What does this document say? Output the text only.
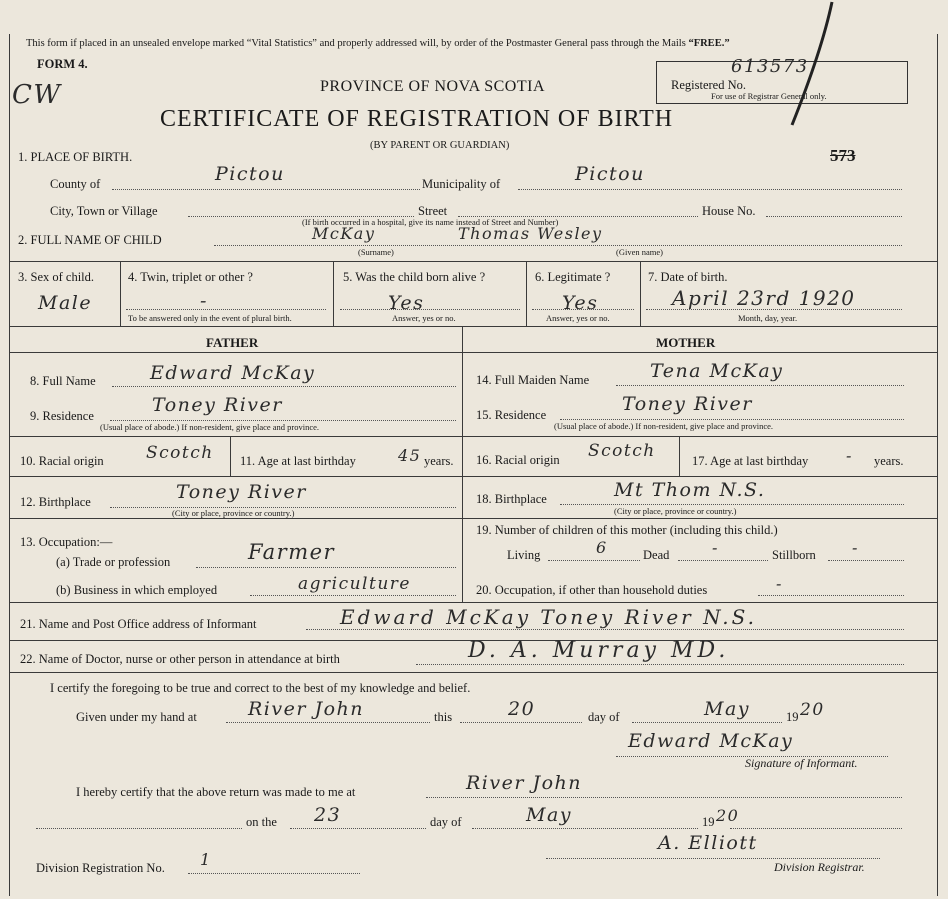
This form if placed in an unsealed envelope marked “Vital Statistics” and properly addressed will, by order of the Postmaster General pass through the Mails “FREE.”
FORM 4.
CW	PROVINCE OF NOVA SCOTIA
CERTIFICATE OF REGISTRATION OF BIRTH
(BY PARENT OR GUARDIAN)
Registered No.
613573
For use of Registrar General only.
573
1. PLACE OF BIRTH.
County of	Pictou	Municipality of	Pictou
City, Town or Village	Street	House No.
(If birth occurred in a hospital, give its name instead of Street and Number)
2. FULL NAME OF CHILD	McKay	Thomas Wesley
(Surname)	(Given name)
3. Sex of child.
Male
4. Twin, triplet or other ?
-
To be answered only in the event of plural birth.
5. Was the child born alive ?
Yes
Answer, yes or no.
6. Legitimate ?
Yes
Answer, yes or no.
7. Date of birth.
April 23rd 1920
Month, day, year.
FATHER	MOTHER
8. Full Name	Edward McKay
9. Residence	Toney River
(Usual place of abode.) If non-resident, give place and province.
10. Racial origin Scotch 11. Age at last birthday	45 years.
12. Birthplace	Toney River
(City or place, province or country.)
13. Occupation:—
(a) Trade or profession	Farmer
(b) Business in which employed	agriculture
14. Full Maiden Name	Tena McKay
15. Residence	Toney River
(Usual place of abode.) If non-resident, give place and province.
16. Racial origin Scotch	17. Age at last birthday - years.
18. Birthplace	Mt Thom N.S.
(City or place, province or country.)
19. Number of children of this mother (including this child.)
Living	6	Dead	-	Stillborn -
20. Occupation, if other than household duties	-
21. Name and Post Office address of Informant	Edward McKay Toney River N.S.
22. Name of Doctor, nurse or other person in attendance at birth	D. A. Murray MD.
I certify the foregoing to be true and correct to the best of my knowledge and belief.
Given under my hand at	River John	this	20	day of	May	19 20
Edward McKay
Signature of Informant.
I hereby certify that the above return was made to me at	River John
on the 23	day of	May	19 20
Division Registration No. 1
A. Elliott
Division Registrar.
